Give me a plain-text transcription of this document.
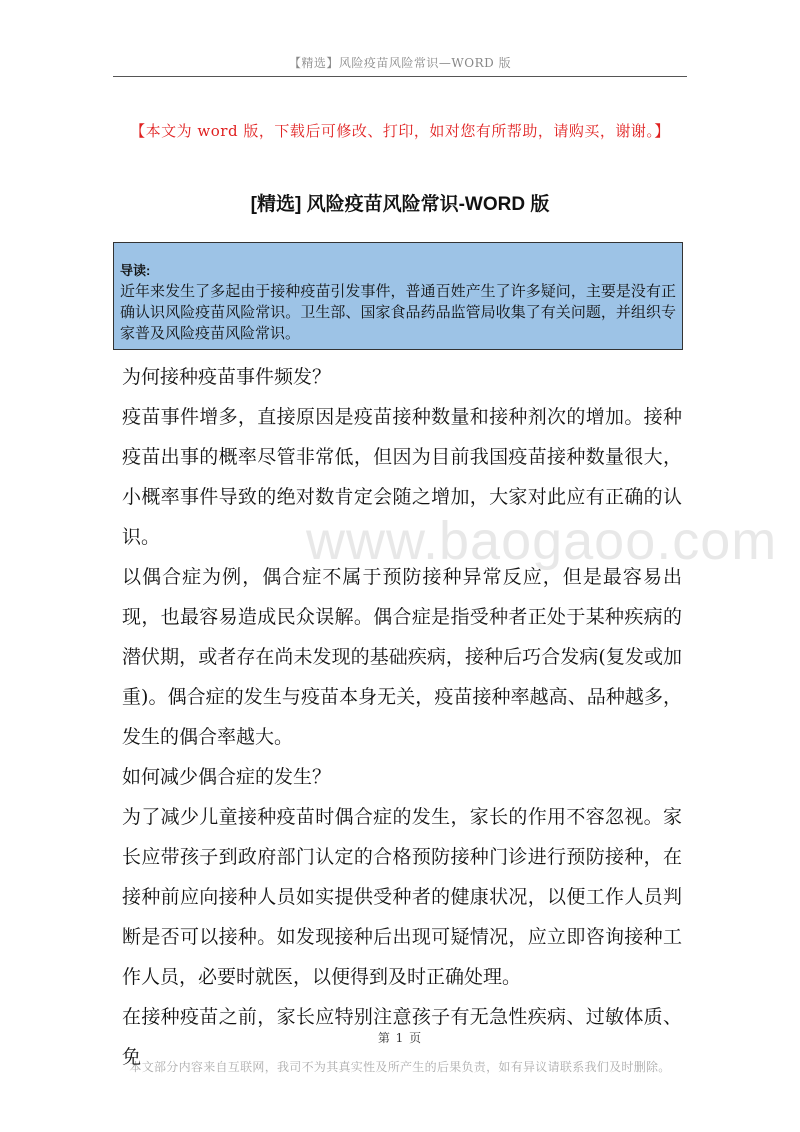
【精选】风险疫苗风险常识—WORD 版
【本文为 word 版，下载后可修改、打印，如对您有所帮助，请购买，谢谢。】
[精选] 风险疫苗风险常识-WORD 版
导读:
近年来发生了多起由于接种疫苗引发事件，普通百姓产生了许多疑问，主要是没有正确认识风险疫苗风险常识。卫生部、国家食品药品监管局收集了有关问题，并组织专家普及风险疫苗风险常识。
www.baogaoo.com

为何接种疫苗事件频发？

疫苗事件增多，直接原因是疫苗接种数量和接种剂次的增加。接种疫苗出事的概率尽管非常低，但因为目前我国疫苗接种数量很大，小概率事件导致的绝对数肯定会随之增加，大家对此应有正确的认识。

以偶合症为例，偶合症不属于预防接种异常反应，但是最容易出现，也最容易造成民众误解。偶合症是指受种者正处于某种疾病的潜伏期，或者存在尚未发现的基础疾病，接种后巧合发病(复发或加重)。偶合症的发生与疫苗本身无关，疫苗接种率越高、品种越多，发生的偶合率越大。

如何减少偶合症的发生？

为了减少儿童接种疫苗时偶合症的发生，家长的作用不容忽视。家长应带孩子到政府部门认定的合格预防接种门诊进行预防接种，在接种前应向接种人员如实提供受种者的健康状况，以便工作人员判断是否可以接种。如发现接种后出现可疑情况，应立即咨询接种工作人员，必要时就医，以便得到及时正确处理。

在接种疫苗之前，家长应特别注意孩子有无急性疾病、过敏体质、免

第 1 页
本文部分内容来自互联网，我司不为其真实性及所产生的后果负责，如有异议请联系我们及时删除。
